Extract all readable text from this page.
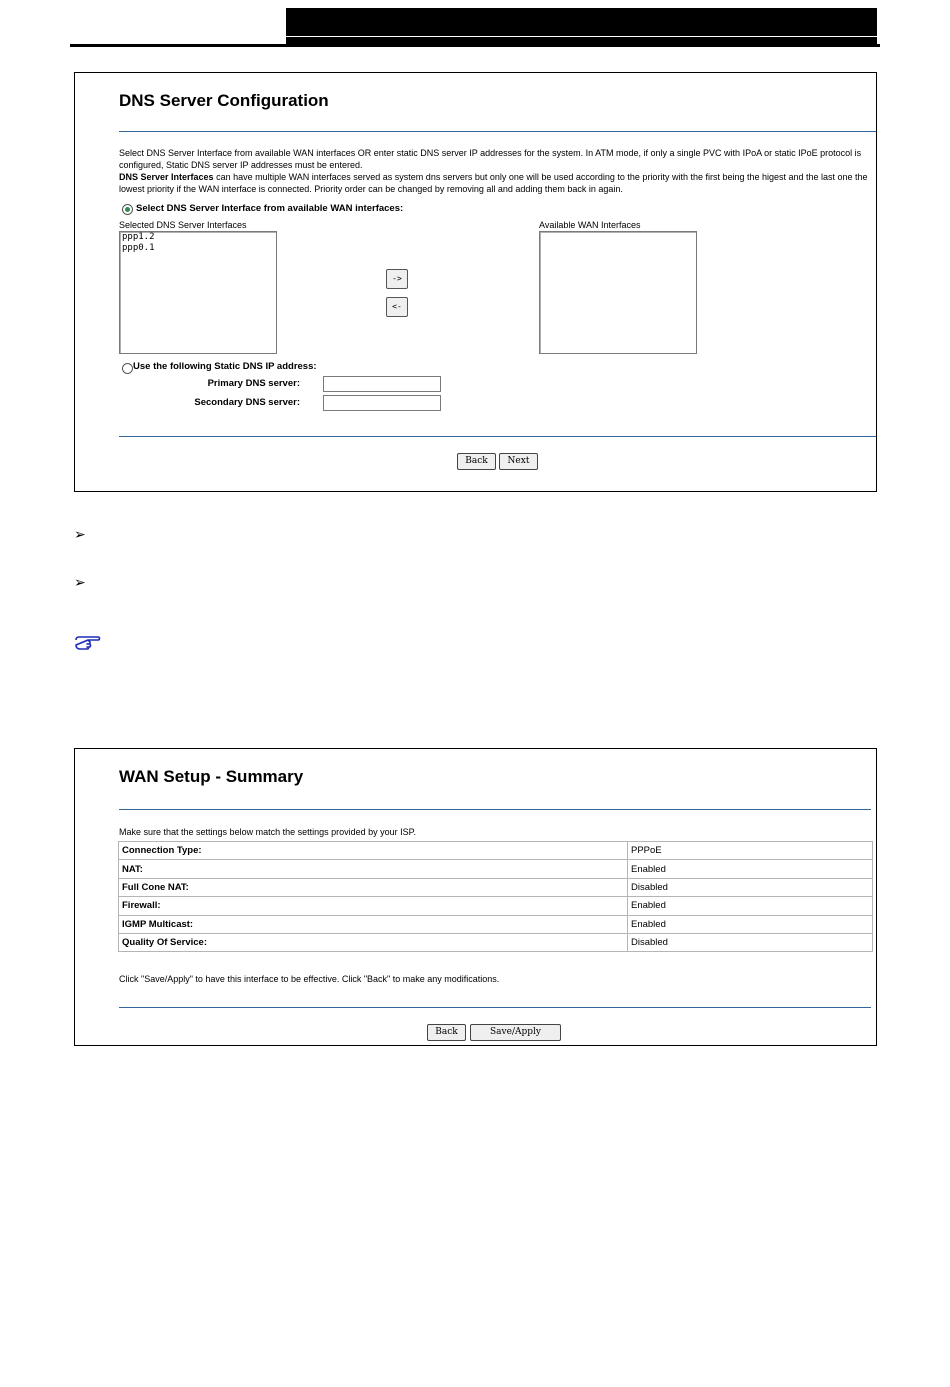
DNS Server Configuration
Select DNS Server Interface from available WAN interfaces OR enter static DNS server IP addresses for the system. In ATM mode, if only a single PVC with IPoA or static IPoE protocol is configured, Static DNS server IP addresses must be entered.
DNS Server Interfaces can have multiple WAN interfaces served as system dns servers but only one will be used according to the priority with the first being the higest and the last one the lowest priority if the WAN interface is connected. Priority order can be changed by removing all and adding them back in again.
Select DNS Server Interface from available WAN interfaces:
Selected DNS Server Interfaces
ppp1.2
ppp0.1
->
<-
Available WAN Interfaces
Use the following Static DNS IP address:
Primary DNS server:
Secondary DNS server:
Back	Next
➢
➢
WAN Setup - Summary
Make sure that the settings below match the settings provided by your ISP.
Connection Type:	PPPoE
NAT:	Enabled
Full Cone NAT:	Disabled
Firewall:	Enabled
IGMP Multicast:	Enabled
Quality Of Service:	Disabled
Click "Save/Apply" to have this interface to be effective. Click "Back" to make any modifications.
Back	Save/Apply
